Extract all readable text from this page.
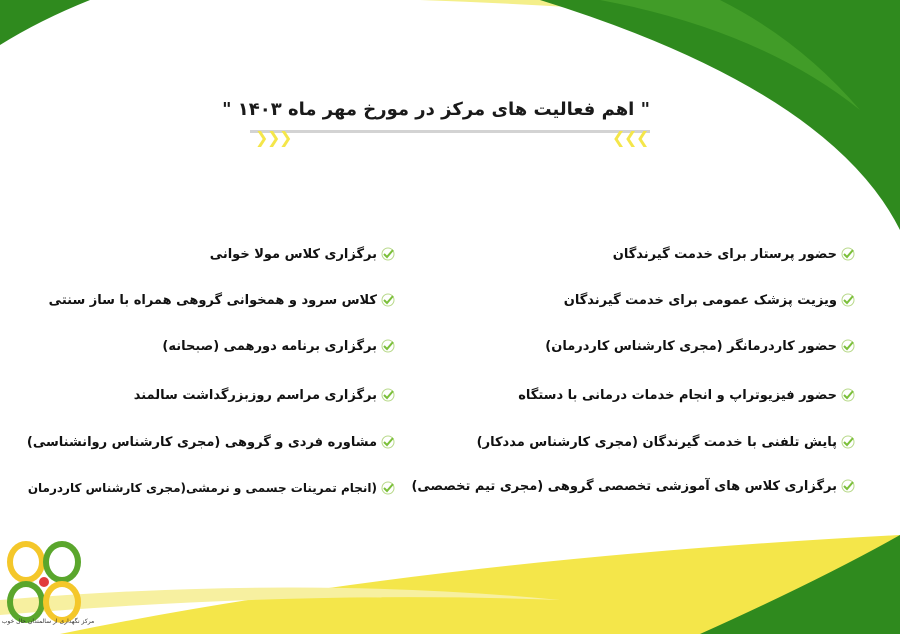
" اهم فعالیت های مرکز در مورخ مهر ماه ۱۴۰۳ "
❯
❯
❯	❮
❮
❮
حضور پرستار برای خدمت گیرندگان
ویزیت پزشک عمومی برای خدمت گیرندگان
حضور کاردرمانگر (مجری کارشناس کاردرمان)
حضور فیزیوتراپ و انجام خدمات درمانی با دستگاه
پایش تلفنی با خدمت گیرندگان (مجری کارشناس مددکار)
برگزاری کلاس های آموزشی تخصصی گروهی (مجری تیم تخصصی)
برگزاری کلاس مولا خوانی
کلاس سرود و همخوانی گروهی همراه با ساز سنتی
برگزاری برنامه دورهمی (صبحانه)
برگزاری مراسم روزبزرگداشت سالمند
مشاوره فردی و گروهی (مجری کارشناس روانشناسی)
(انجام تمرینات جسمی و نرمشی(مجری کارشناس کاردرمان
مرکز نگهداری از سالمندان حال خوب
